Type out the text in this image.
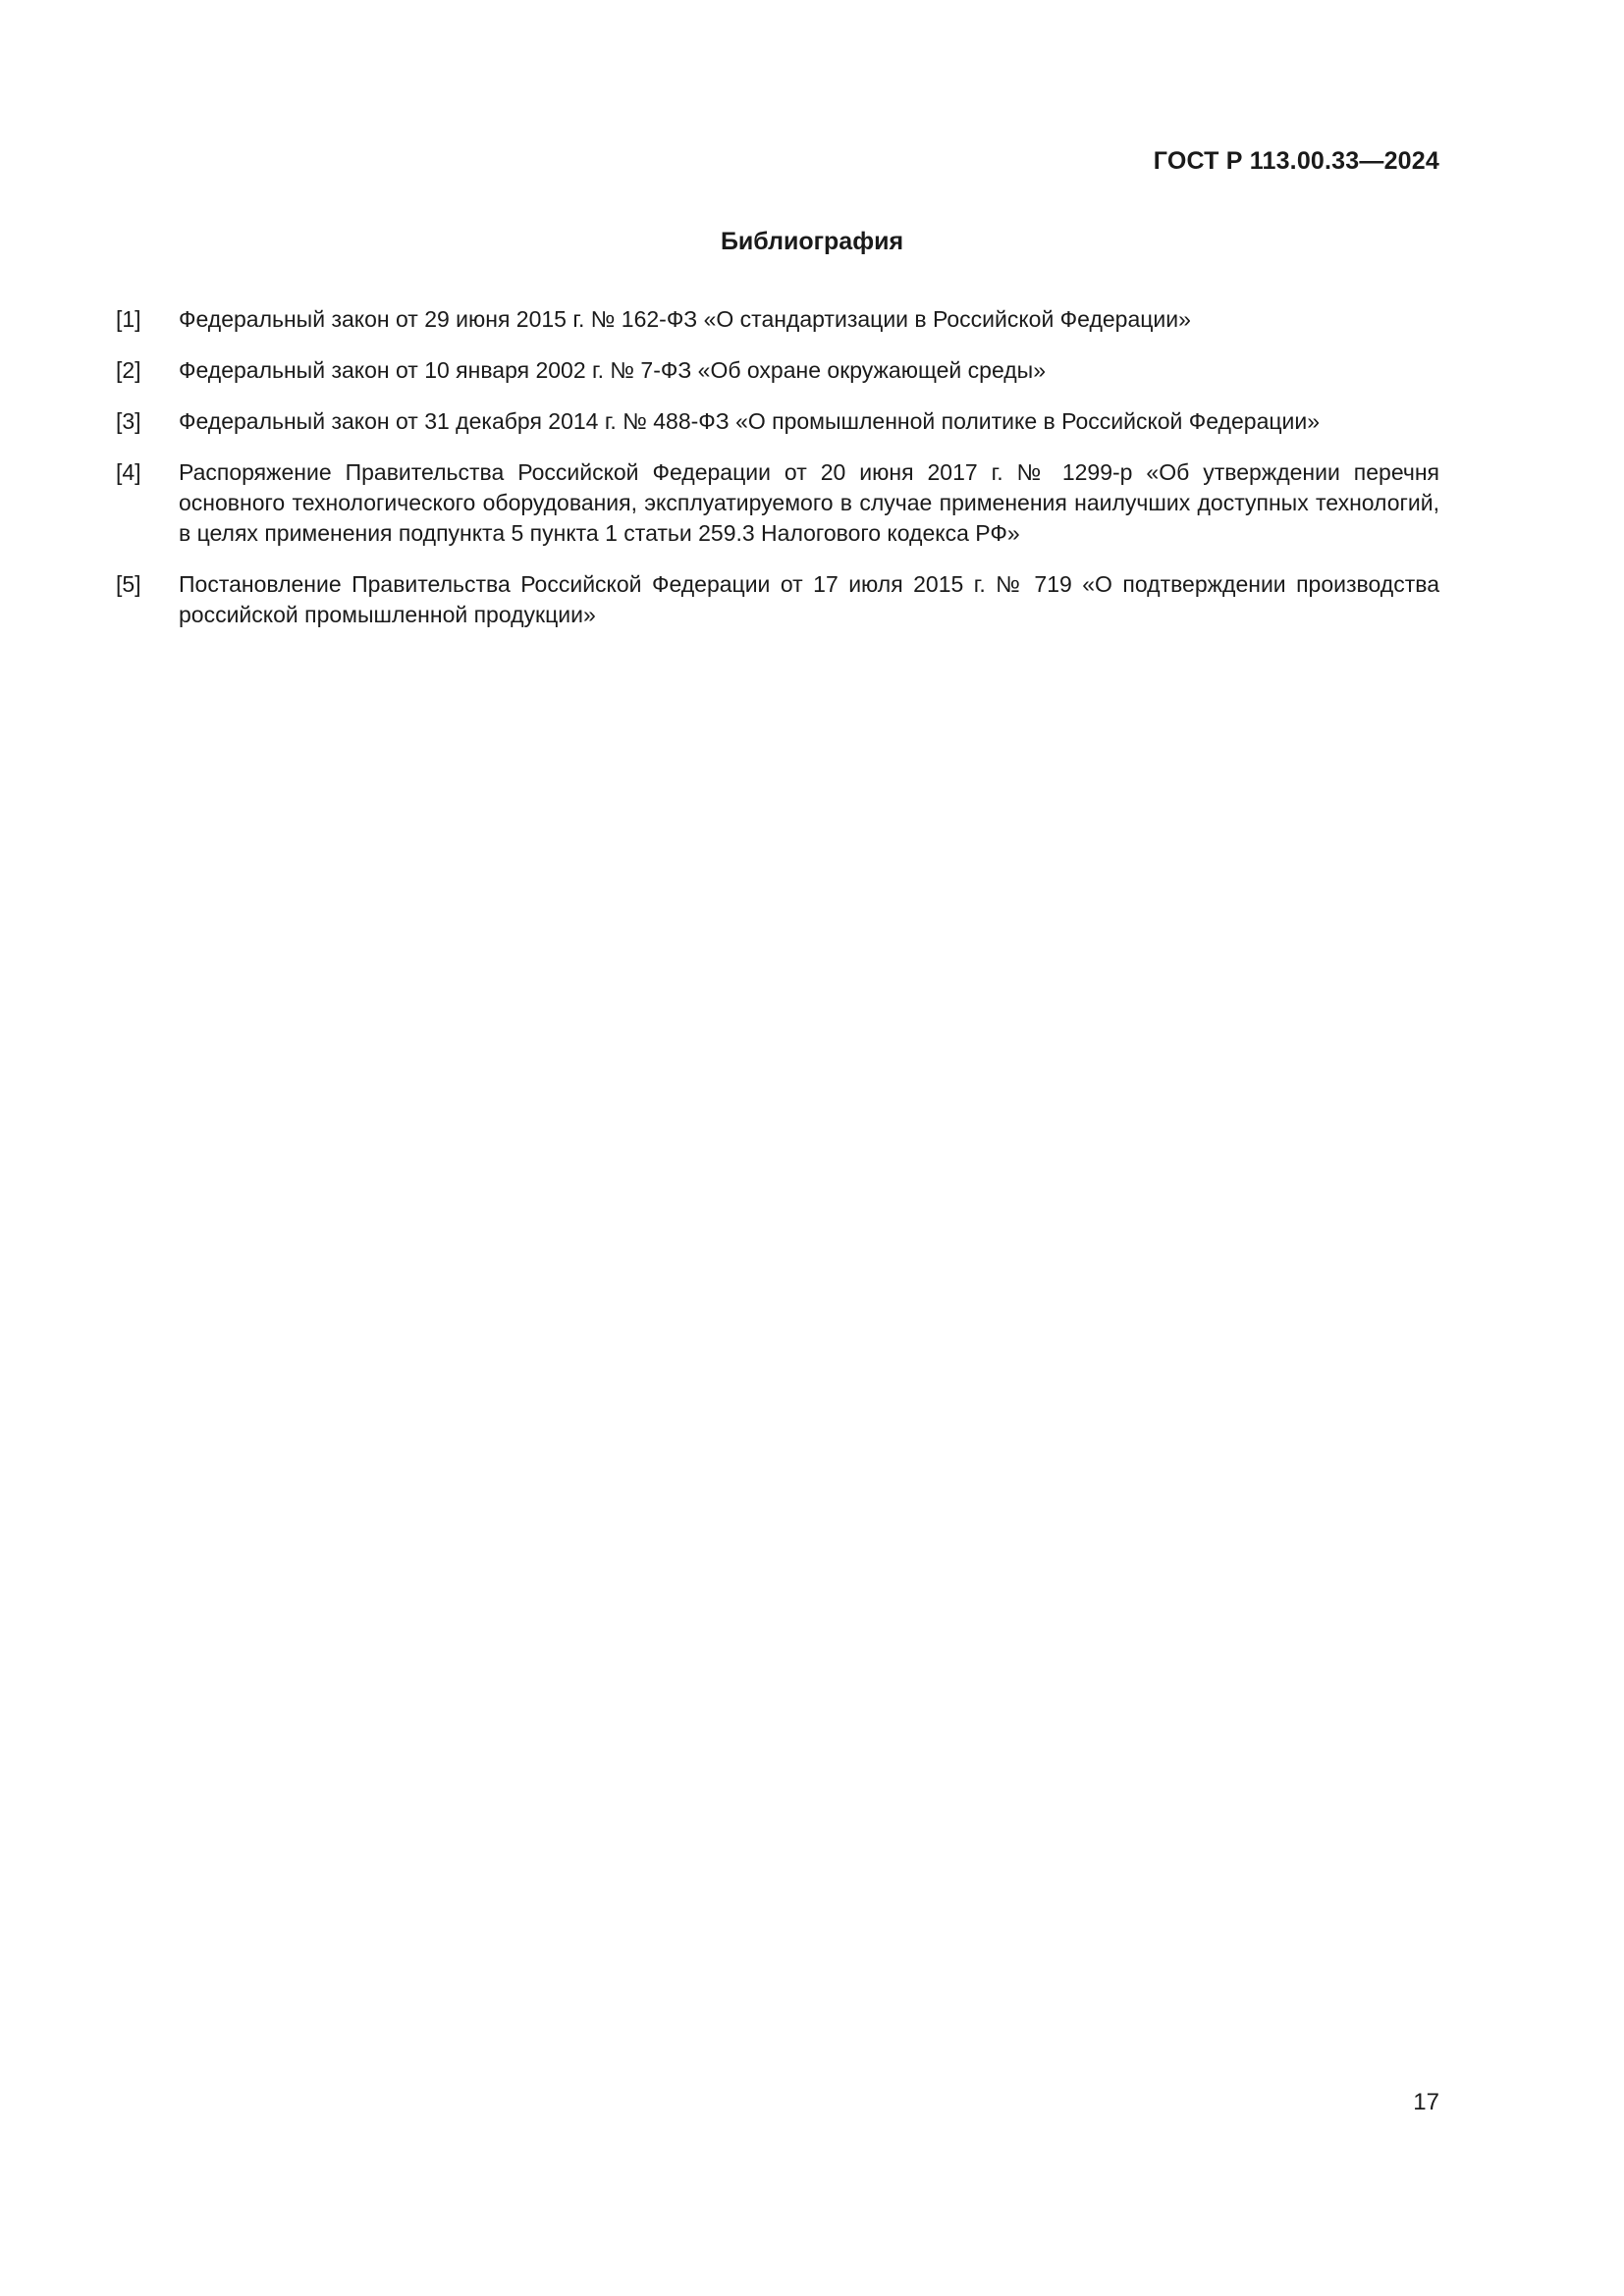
ГОСТ Р 113.00.33—2024
Библиография
[1]	Федеральный закон от 29 июня 2015 г. № 162-ФЗ «О стандартизации в Российской Федерации»
[2]	Федеральный закон от 10 января 2002 г. № 7-ФЗ «Об охране окружающей среды»
[3]	Федеральный закон от 31 декабря 2014 г. № 488-ФЗ «О промышленной политике в Российской Федерации»
[4]	Распоряжение Правительства Российской Федерации от 20 июня 2017 г. № 1299-р «Об утверждении перечня основного технологического оборудования, эксплуатируемого в случае применения наилучших доступных технологий, в целях применения подпункта 5 пункта 1 статьи 259.3 Налогового кодекса РФ»
[5]	Постановление Правительства Российской Федерации от 17 июля 2015 г. № 719 «О подтверждении производства российской промышленной продукции»
17
